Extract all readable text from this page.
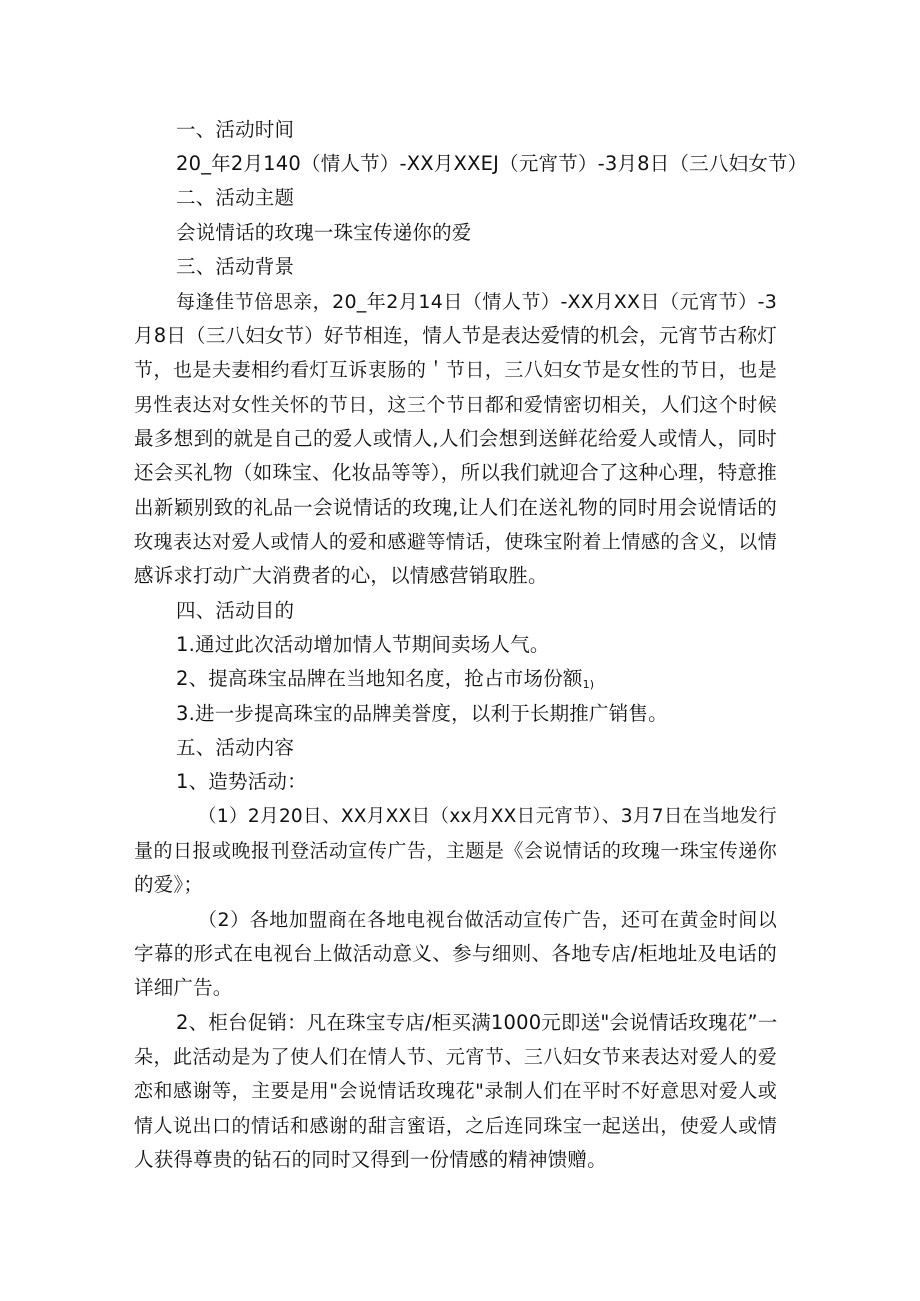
一、活动时间
20_年2月140（情人节）-XX月XXEJ（元宵节）-3月8日（三八妇女节）
二、活动主题
会说情话的玫瑰一珠宝传递你的爱
三、活动背景
每逢佳节倍思亲，20_年2月14日（情人节）-XX月XX日（元宵节）-3
月8日（三八妇女节）好节相连，情人节是表达爱情的机会，元宵节古称灯
节，也是夫妻相约看灯互诉衷肠的＇节日，三八妇女节是女性的节日，也是
男性表达对女性关怀的节日，这三个节日都和爱情密切相关，人们这个时候
最多想到的就是自己的爱人或情人,人们会想到送鲜花给爱人或情人，同时
还会买礼物（如珠宝、化妆品等等），所以我们就迎合了这种心理，特意推
出新颖别致的礼品一会说情话的玫瑰,让人们在送礼物的同时用会说情话的
玫瑰表达对爱人或情人的爱和感避等情话，使珠宝附着上情感的含义，以情
感诉求打动广大消费者的心，以情感营销取胜。
四、活动目的
1.通过此次活动增加情人节期间卖场人气。
2、提高珠宝品牌在当地知名度，抢占市场份额$_{1)}$
3.进一步提高珠宝的品牌美誉度，以利于长期推广销售。
五、活动内容
1、造势活动：
（1）2月20日、XX月XX日（xx月XX日元宵节）、3月7日在当地发行
量的日报或晚报刊登活动宣传广告，主题是《会说情话的玫瑰一珠宝传递你
的爱》；
（2）各地加盟商在各地电视台做活动宣传广告，还可在黄金时间以
字幕的形式在电视台上做活动意义、参与细则、各地专店/柜地址及电话的
详细广告。
2、柜台促销：凡在珠宝专店/柜买满1000元即送"会说情话玫瑰花”一
朵，此活动是为了使人们在情人节、元宵节、三八妇女节来表达对爱人的爱
恋和感谢等，主要是用"会说情话玫瑰花"录制人们在平时不好意思对爱人或
情人说出口的情话和感谢的甜言蜜语，之后连同珠宝一起送出，使爱人或情
人获得尊贵的钻石的同时又得到一份情感的精神馈赠。
